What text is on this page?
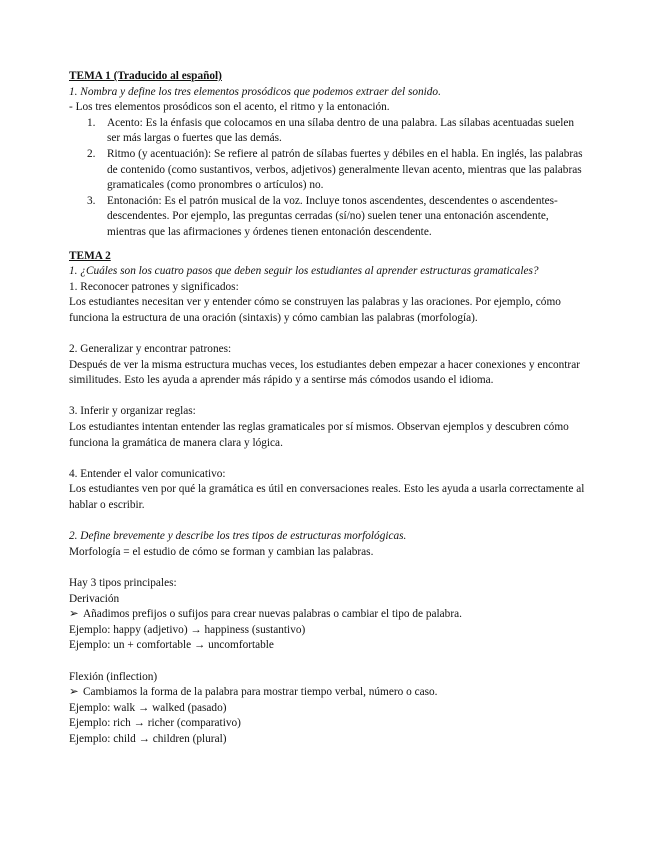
TEMA 1 (Traducido al español)
1. Nombra y define los tres elementos prosódicos que podemos extraer del sonido.
- Los tres elementos prosódicos son el acento, el ritmo y la entonación.
1. Acento: Es la énfasis que colocamos en una sílaba dentro de una palabra. Las sílabas acentuadas suelen ser más largas o fuertes que las demás.
2. Ritmo (y acentuación): Se refiere al patrón de sílabas fuertes y débiles en el habla. En inglés, las palabras de contenido (como sustantivos, verbos, adjetivos) generalmente llevan acento, mientras que las palabras gramaticales (como pronombres o artículos) no.
3. Entonación: Es el patrón musical de la voz. Incluye tonos ascendentes, descendentes o ascendentes-descendentes. Por ejemplo, las preguntas cerradas (sí/no) suelen tener una entonación ascendente, mientras que las afirmaciones y órdenes tienen entonación descendente.
TEMA 2
1. ¿Cuáles son los cuatro pasos que deben seguir los estudiantes al aprender estructuras gramaticales?
1. Reconocer patrones y significados:
Los estudiantes necesitan ver y entender cómo se construyen las palabras y las oraciones. Por ejemplo, cómo funciona la estructura de una oración (sintaxis) y cómo cambian las palabras (morfología).
2. Generalizar y encontrar patrones:
Después de ver la misma estructura muchas veces, los estudiantes deben empezar a hacer conexiones y encontrar similitudes. Esto les ayuda a aprender más rápido y a sentirse más cómodos usando el idioma.
3. Inferir y organizar reglas:
Los estudiantes intentan entender las reglas gramaticales por sí mismos. Observan ejemplos y descubren cómo funciona la gramática de manera clara y lógica.
4. Entender el valor comunicativo:
Los estudiantes ven por qué la gramática es útil en conversaciones reales. Esto les ayuda a usarla correctamente al hablar o escribir.
2. Define brevemente y describe los tres tipos de estructuras morfológicas.
Morfología = el estudio de cómo se forman y cambian las palabras.
Hay 3 tipos principales:
Derivación
➢ Añadimos prefijos o sufijos para crear nuevas palabras o cambiar el tipo de palabra.
Ejemplo: happy (adjetivo) → happiness (sustantivo)
Ejemplo: un + comfortable → uncomfortable
Flexión (inflection)
➢ Cambiamos la forma de la palabra para mostrar tiempo verbal, número o caso.
Ejemplo: walk → walked (pasado)
Ejemplo: rich → richer (comparativo)
Ejemplo: child → children (plural)
